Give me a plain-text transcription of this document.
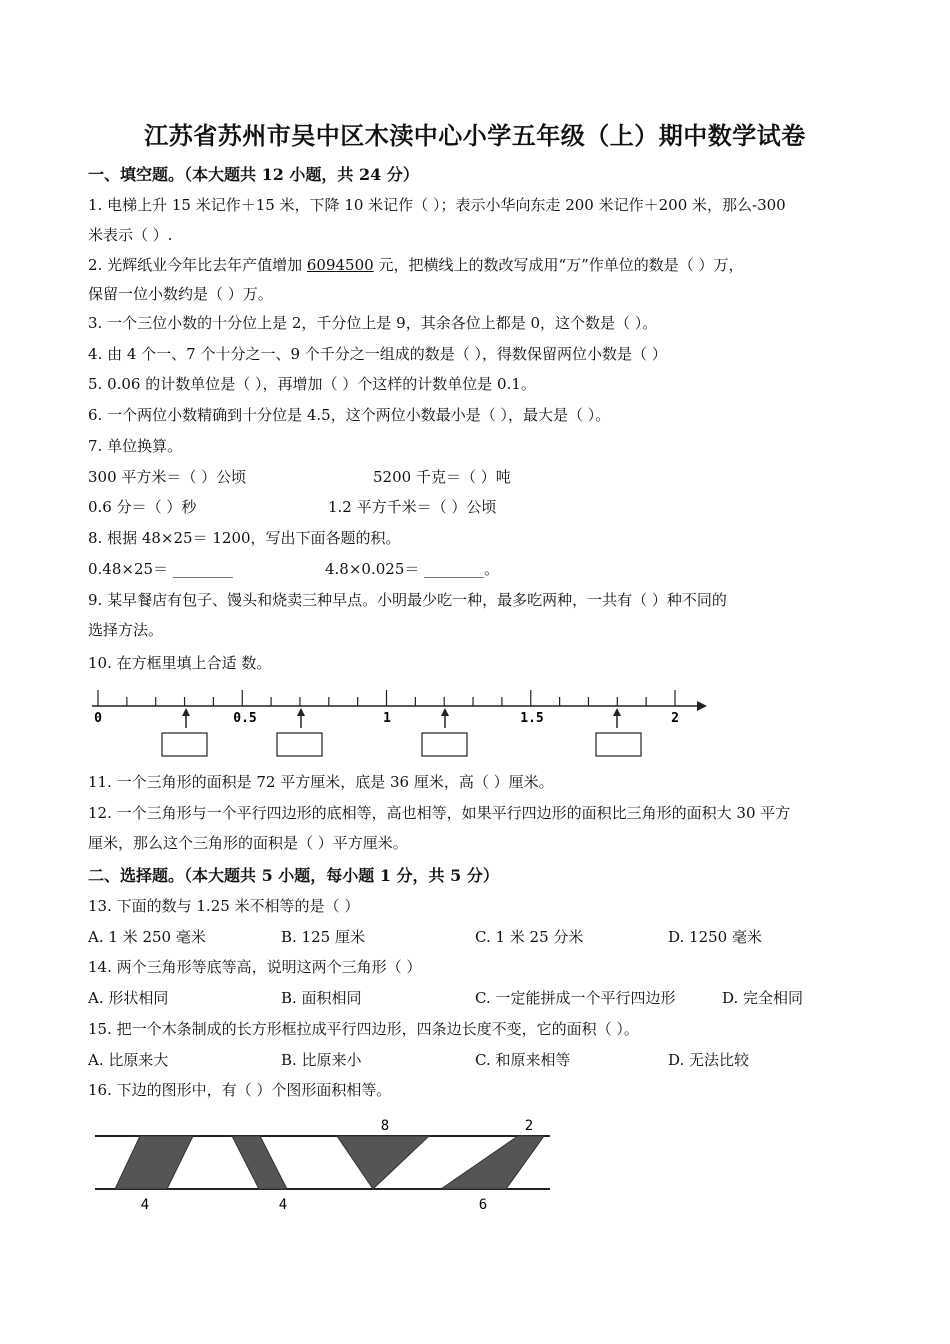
江苏省苏州市吴中区木渎中心小学五年级（上）期中数学试卷
一、填空题。（本大题共 12 小题，共 24 分）
1. 电梯上升 15 米记作＋15 米，下降 10 米记作（ ）；表示小华向东走 200 米记作＋200 米，那么-300
米表示（ ）.
2. 光辉纸业今年比去年产值增加 6094500 元，把横线上的数改写成用“万”作单位的数是（ ）万，
保留一位小数约是（ ）万。
3. 一个三位小数的十分位上是 2，千分位上是 9，其余各位上都是 0，这个数是（ ）。
4. 由 4 个一、7 个十分之一、9 个千分之一组成的数是（ ），得数保留两位小数是（ ）
5. 0.06 的计数单位是（ ），再增加（ ）个这样的计数单位是 0.1。
6. 一个两位小数精确到十分位是 4.5，这个两位小数最小是（ ），最大是（ ）。
7. 单位换算。
300 平方米＝（ ）公顷	5200 千克＝（ ）吨
0.6 分＝（ ）秒	1.2 平方千米＝（ ）公顷
8. 根据 48×25＝ 1200，写出下面各题的积。
0.48×25＝ ________	4.8×0.025＝ ________。
9. 某早餐店有包子、馒头和烧卖三种早点。小明最少吃一种，最多吃两种，一共有（ ）种不同的
选择方法。
10. 在方框里填上合适 数。
0	0.5	1	1.5	2
11. 一个三角形的面积是 72 平方厘米，底是 36 厘米，高（ ）厘米。
12. 一个三角形与一个平行四边形的底相等，高也相等，如果平行四边形的面积比三角形的面积大 30 平方
厘米，那么这个三角形的面积是（ ）平方厘米。
二、选择题。（本大题共 5 小题，每小题 1 分，共 5 分）
13. 下面的数与 1.25 米不相等的是（ ）
A. 1 米 250 毫米	B. 125 厘米	C. 1 米 25 分米	D. 1250 毫米
14. 两个三角形等底等高，说明这两个三角形（ ）
A. 形状相同	B. 面积相同	C. 一定能拼成一个平行四边形	D. 完全相同
15. 把一个木条制成的长方形框拉成平行四边形，四条边长度不变，它的面积（ ）。
A. 比原来大	B. 比原来小	C. 和原来相等	D. 无法比较
16. 下边的图形中，有（ ）个图形面积相等。
8	2
4	4	6
